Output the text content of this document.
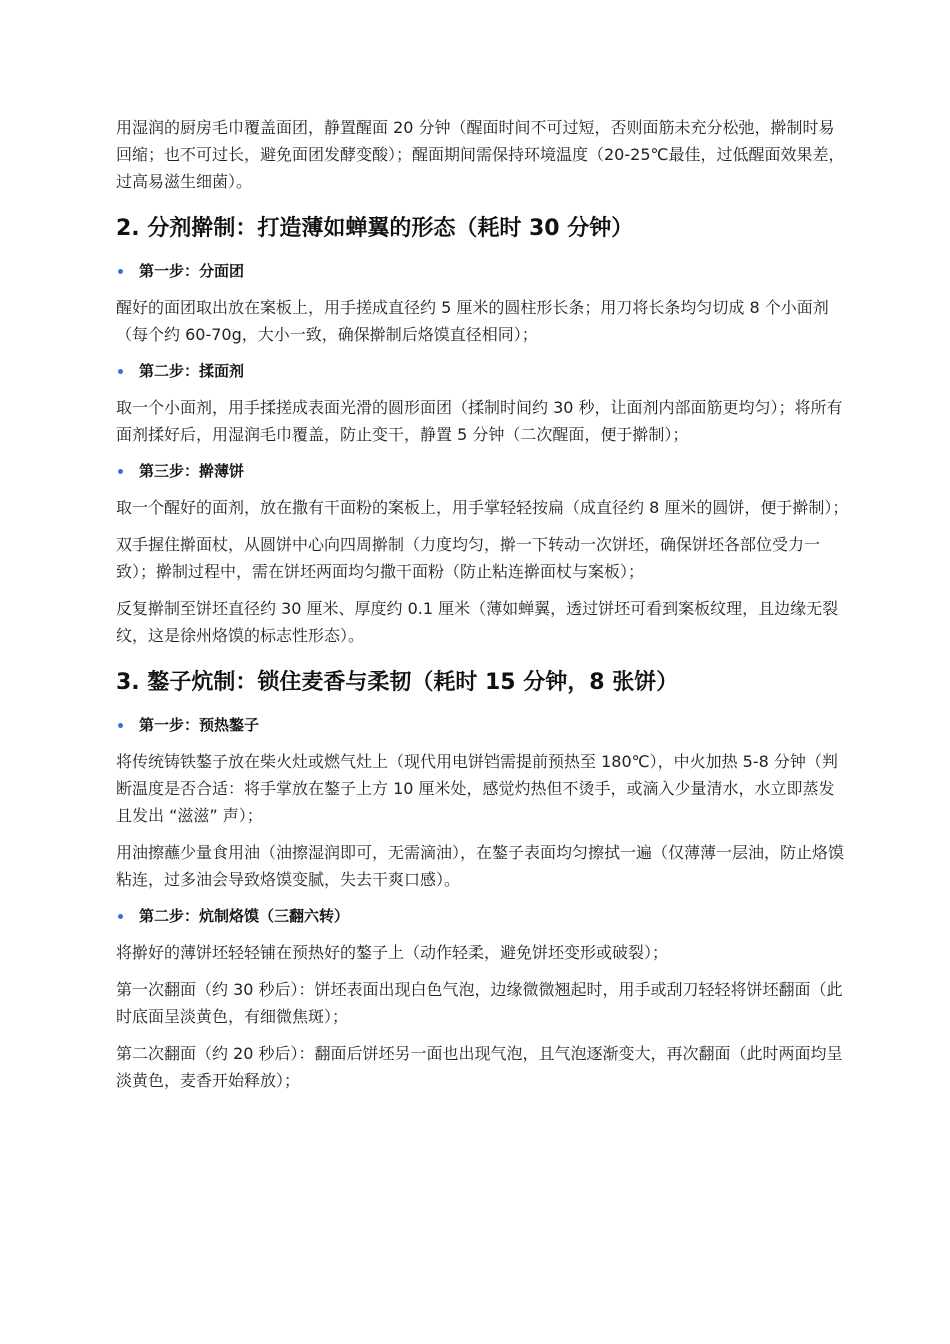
用湿润的厨房毛巾覆盖面团，静置醒面 20 分钟（醒面时间不可过短，否则面筋未充分松弛，擀制时易回缩；也不可过长，避免面团发酵变酸）；醒面期间需保持环境温度（20-25℃最佳，过低醒面效果差，过高易滋生细菌）。

2. 分剂擀制：打造薄如蝉翼的形态（耗时 30 分钟）
第一步：分面团

醒好的面团取出放在案板上，用手搓成直径约 5 厘米的圆柱形长条；用刀将长条均匀切成 8 个小面剂（每个约 60-70g，大小一致，确保擀制后烙馍直径相同）；

第二步：揉面剂

取一个小面剂，用手揉搓成表面光滑的圆形面团（揉制时间约 30 秒，让面剂内部面筋更均匀）；将所有面剂揉好后，用湿润毛巾覆盖，防止变干，静置 5 分钟（二次醒面，便于擀制）；

第三步：擀薄饼

取一个醒好的面剂，放在撒有干面粉的案板上，用手掌轻轻按扁（成直径约 8 厘米的圆饼，便于擀制）；

双手握住擀面杖，从圆饼中心向四周擀制（力度均匀，擀一下转动一次饼坯，确保饼坯各部位受力一致）；擀制过程中，需在饼坯两面均匀撒干面粉（防止粘连擀面杖与案板）；

反复擀制至饼坯直径约 30 厘米、厚度约 0.1 厘米（薄如蝉翼，透过饼坯可看到案板纹理，且边缘无裂纹，这是徐州烙馍的标志性形态）。

3. 鏊子炕制：锁住麦香与柔韧（耗时 15 分钟，8 张饼）
第一步：预热鏊子

将传统铸铁鏊子放在柴火灶或燃气灶上（现代用电饼铛需提前预热至 180℃），中火加热 5-8 分钟（判断温度是否合适：将手掌放在鏊子上方 10 厘米处，感觉灼热但不烫手，或滴入少量清水，水立即蒸发且发出 “滋滋” 声）；

用油擦蘸少量食用油（油擦湿润即可，无需滴油），在鏊子表面均匀擦拭一遍（仅薄薄一层油，防止烙馍粘连，过多油会导致烙馍变腻，失去干爽口感）。

第二步：炕制烙馍（三翻六转）

将擀好的薄饼坯轻轻铺在预热好的鏊子上（动作轻柔，避免饼坯变形或破裂）；

第一次翻面（约 30 秒后）：饼坯表面出现白色气泡，边缘微微翘起时，用手或刮刀轻轻将饼坯翻面（此时底面呈淡黄色，有细微焦斑）；

第二次翻面（约 20 秒后）：翻面后饼坯另一面也出现气泡，且气泡逐渐变大，再次翻面（此时两面均呈淡黄色，麦香开始释放）；
